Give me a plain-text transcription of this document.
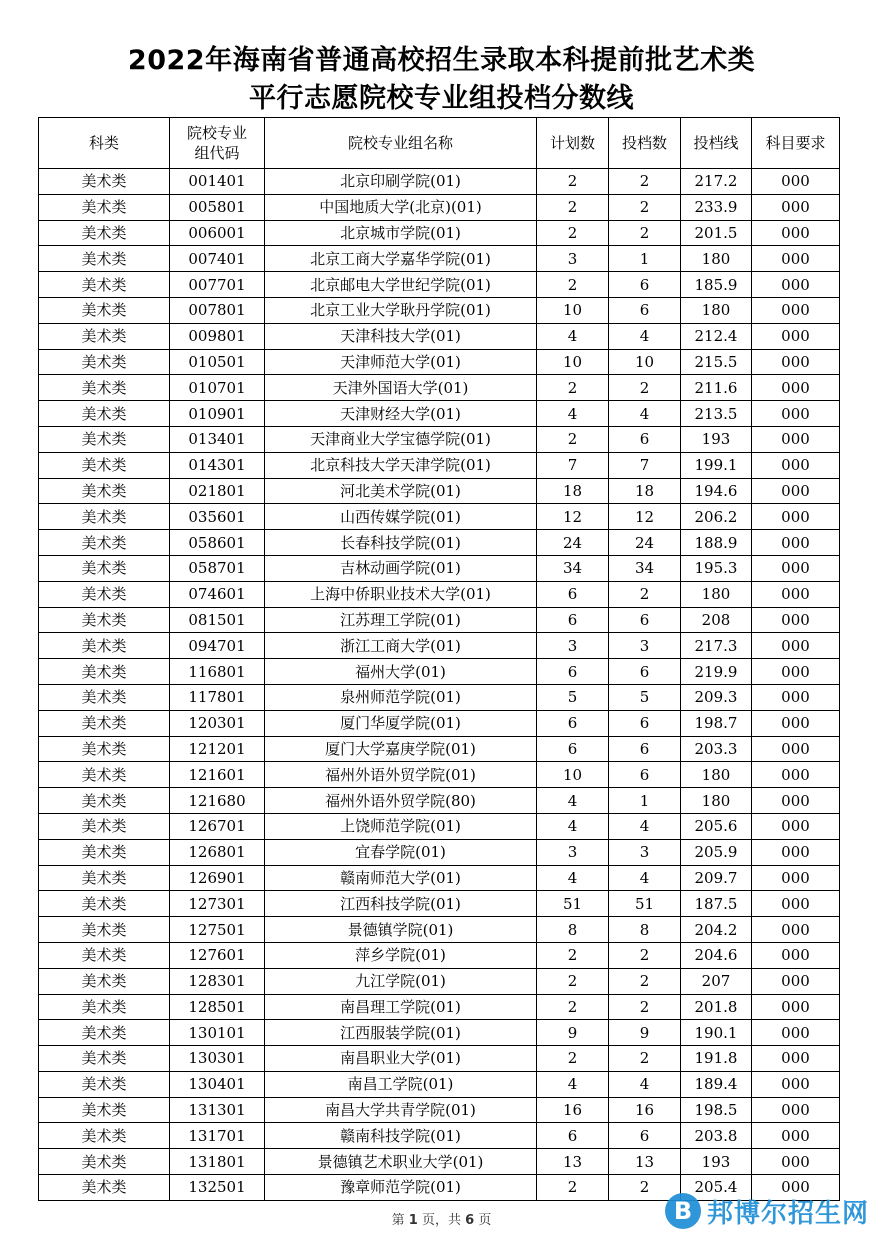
2022年海南省普通高校招生录取本科提前批艺术类
平行志愿院校专业组投档分数线
科类	院校专业
组代码	院校专业组名称	计划数	投档数	投档线	科目要求
美术类	001401	北京印刷学院(01)	2	2	217.2	000
美术类	005801	中国地质大学(北京)(01)	2	2	233.9	000
美术类	006001	北京城市学院(01)	2	2	201.5	000
美术类	007401	北京工商大学嘉华学院(01)	3	1	180	000
美术类	007701	北京邮电大学世纪学院(01)	2	6	185.9	000
美术类	007801	北京工业大学耿丹学院(01)	10	6	180	000
美术类	009801	天津科技大学(01)	4	4	212.4	000
美术类	010501	天津师范大学(01)	10	10	215.5	000
美术类	010701	天津外国语大学(01)	2	2	211.6	000
美术类	010901	天津财经大学(01)	4	4	213.5	000
美术类	013401	天津商业大学宝德学院(01)	2	6	193	000
美术类	014301	北京科技大学天津学院(01)	7	7	199.1	000
美术类	021801	河北美术学院(01)	18	18	194.6	000
美术类	035601	山西传媒学院(01)	12	12	206.2	000
美术类	058601	长春科技学院(01)	24	24	188.9	000
美术类	058701	吉林动画学院(01)	34	34	195.3	000
美术类	074601	上海中侨职业技术大学(01)	6	2	180	000
美术类	081501	江苏理工学院(01)	6	6	208	000
美术类	094701	浙江工商大学(01)	3	3	217.3	000
美术类	116801	福州大学(01)	6	6	219.9	000
美术类	117801	泉州师范学院(01)	5	5	209.3	000
美术类	120301	厦门华厦学院(01)	6	6	198.7	000
美术类	121201	厦门大学嘉庚学院(01)	6	6	203.3	000
美术类	121601	福州外语外贸学院(01)	10	6	180	000
美术类	121680	福州外语外贸学院(80)	4	1	180	000
美术类	126701	上饶师范学院(01)	4	4	205.6	000
美术类	126801	宜春学院(01)	3	3	205.9	000
美术类	126901	赣南师范大学(01)	4	4	209.7	000
美术类	127301	江西科技学院(01)	51	51	187.5	000
美术类	127501	景德镇学院(01)	8	8	204.2	000
美术类	127601	萍乡学院(01)	2	2	204.6	000
美术类	128301	九江学院(01)	2	2	207	000
美术类	128501	南昌理工学院(01)	2	2	201.8	000
美术类	130101	江西服装学院(01)	9	9	190.1	000
美术类	130301	南昌职业大学(01)	2	2	191.8	000
美术类	130401	南昌工学院(01)	4	4	189.4	000
美术类	131301	南昌大学共青学院(01)	16	16	198.5	000
美术类	131701	赣南科技学院(01)	6	6	203.8	000
美术类	131801	景德镇艺术职业大学(01)	13	13	193	000
美术类	132501	豫章师范学院(01)	2	2	205.4	000
第 1 页，共 6 页	B 邦博尔招生网
